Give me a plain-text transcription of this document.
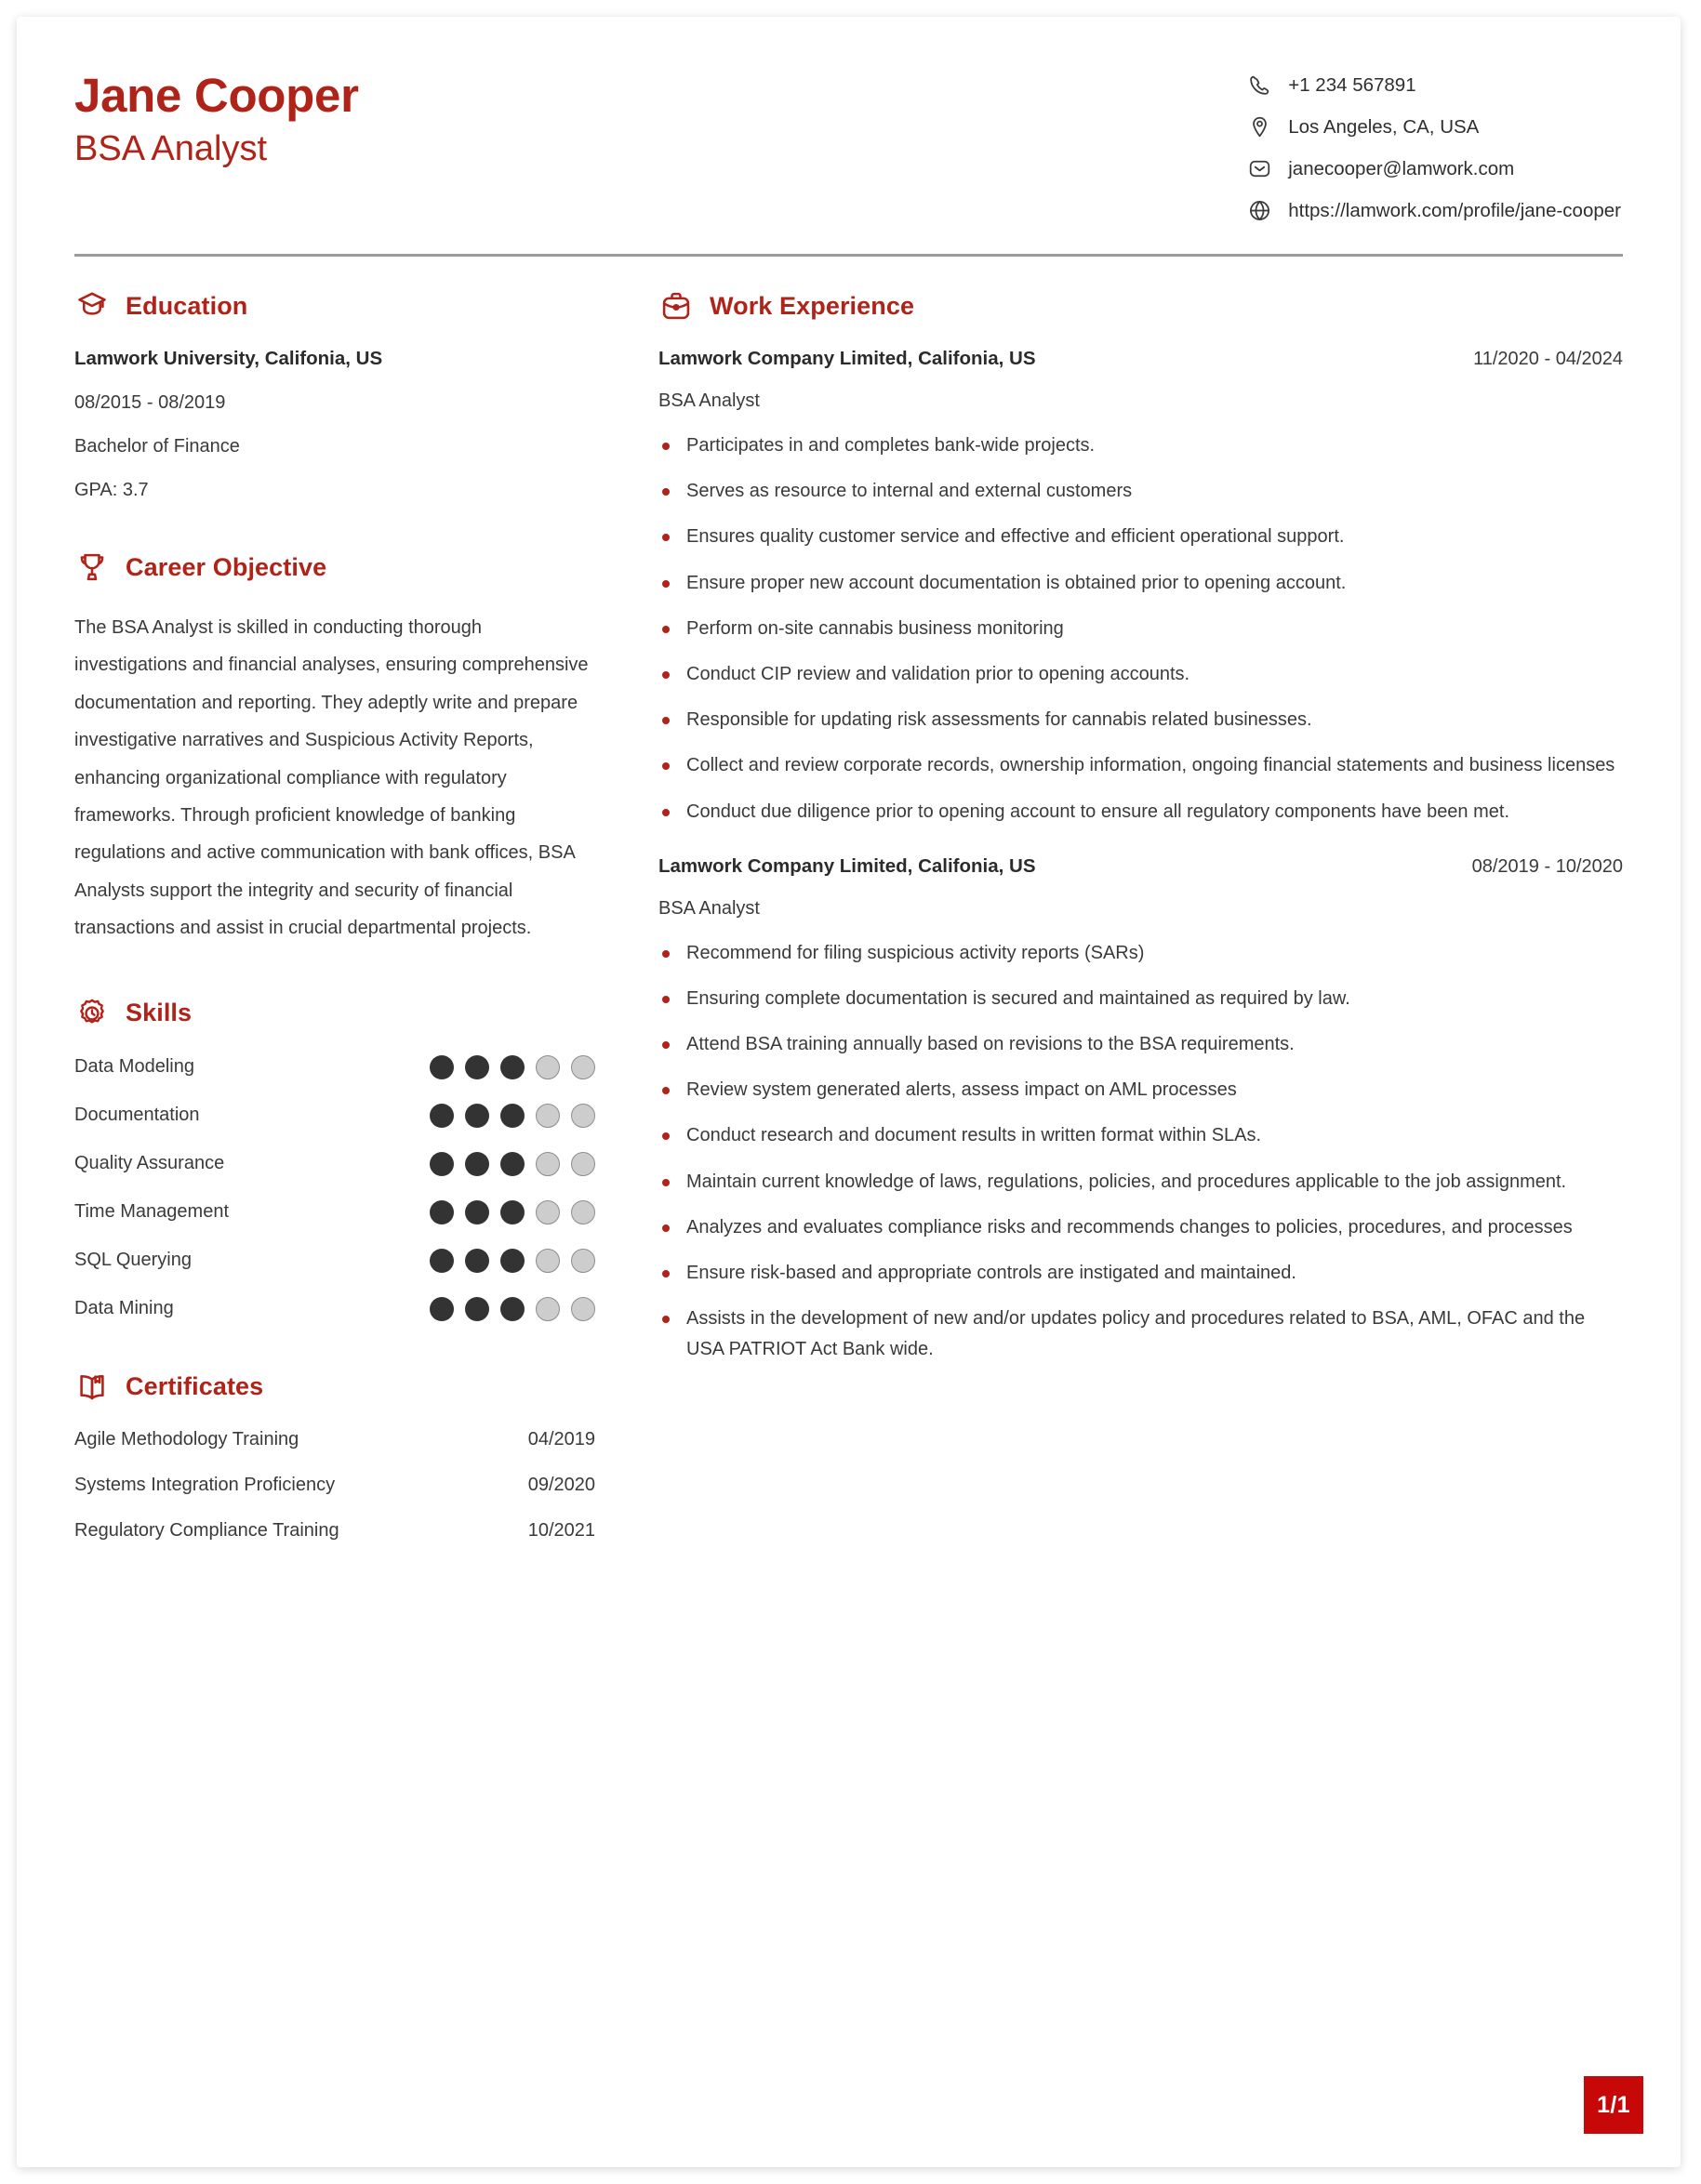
Jane Cooper
BSA Analyst
+1 234 567891
Los Angeles, CA, USA
janecooper@lamwork.com
https://lamwork.com/profile/jane-cooper
Education
Lamwork University, Califonia, US
08/2015 - 08/2019
Bachelor of Finance
GPA: 3.7
Career Objective

The BSA Analyst is skilled in conducting thorough investigations and financial analyses, ensuring comprehensive documentation and reporting. They adeptly write and prepare investigative narratives and Suspicious Activity Reports, enhancing organizational compliance with regulatory frameworks. Through proficient knowledge of banking regulations and active communication with bank offices, BSA Analysts support the integrity and security of financial transactions and assist in crucial departmental projects.

Skills
Data Modeling
Documentation
Quality Assurance
Time Management
SQL Querying
Data Mining
Certificates
Agile Methodology Training	04/2019
Systems Integration Proficiency	09/2020
Regulatory Compliance Training	10/2021
Work Experience
Lamwork Company Limited, Califonia, US	11/2020 - 04/2024
BSA Analyst
Participates in and completes bank-wide projects.
Serves as resource to internal and external customers
Ensures quality customer service and effective and efficient operational support.
Ensure proper new account documentation is obtained prior to opening account.
Perform on-site cannabis business monitoring
Conduct CIP review and validation prior to opening accounts.
Responsible for updating risk assessments for cannabis related businesses.
Collect and review corporate records, ownership information, ongoing financial statements and business licenses
Conduct due diligence prior to opening account to ensure all regulatory components have been met.
Lamwork Company Limited, Califonia, US	08/2019 - 10/2020
BSA Analyst
Recommend for filing suspicious activity reports (SARs)
Ensuring complete documentation is secured and maintained as required by law.
Attend BSA training annually based on revisions to the BSA requirements.
Review system generated alerts, assess impact on AML processes
Conduct research and document results in written format within SLAs.
Maintain current knowledge of laws, regulations, policies, and procedures applicable to the job assignment.
Analyzes and evaluates compliance risks and recommends changes to policies, procedures, and processes
Ensure risk-based and appropriate controls are instigated and maintained.
Assists in the development of new and/or updates policy and procedures related to BSA, AML, OFAC and the USA PATRIOT Act Bank wide.
1/1
